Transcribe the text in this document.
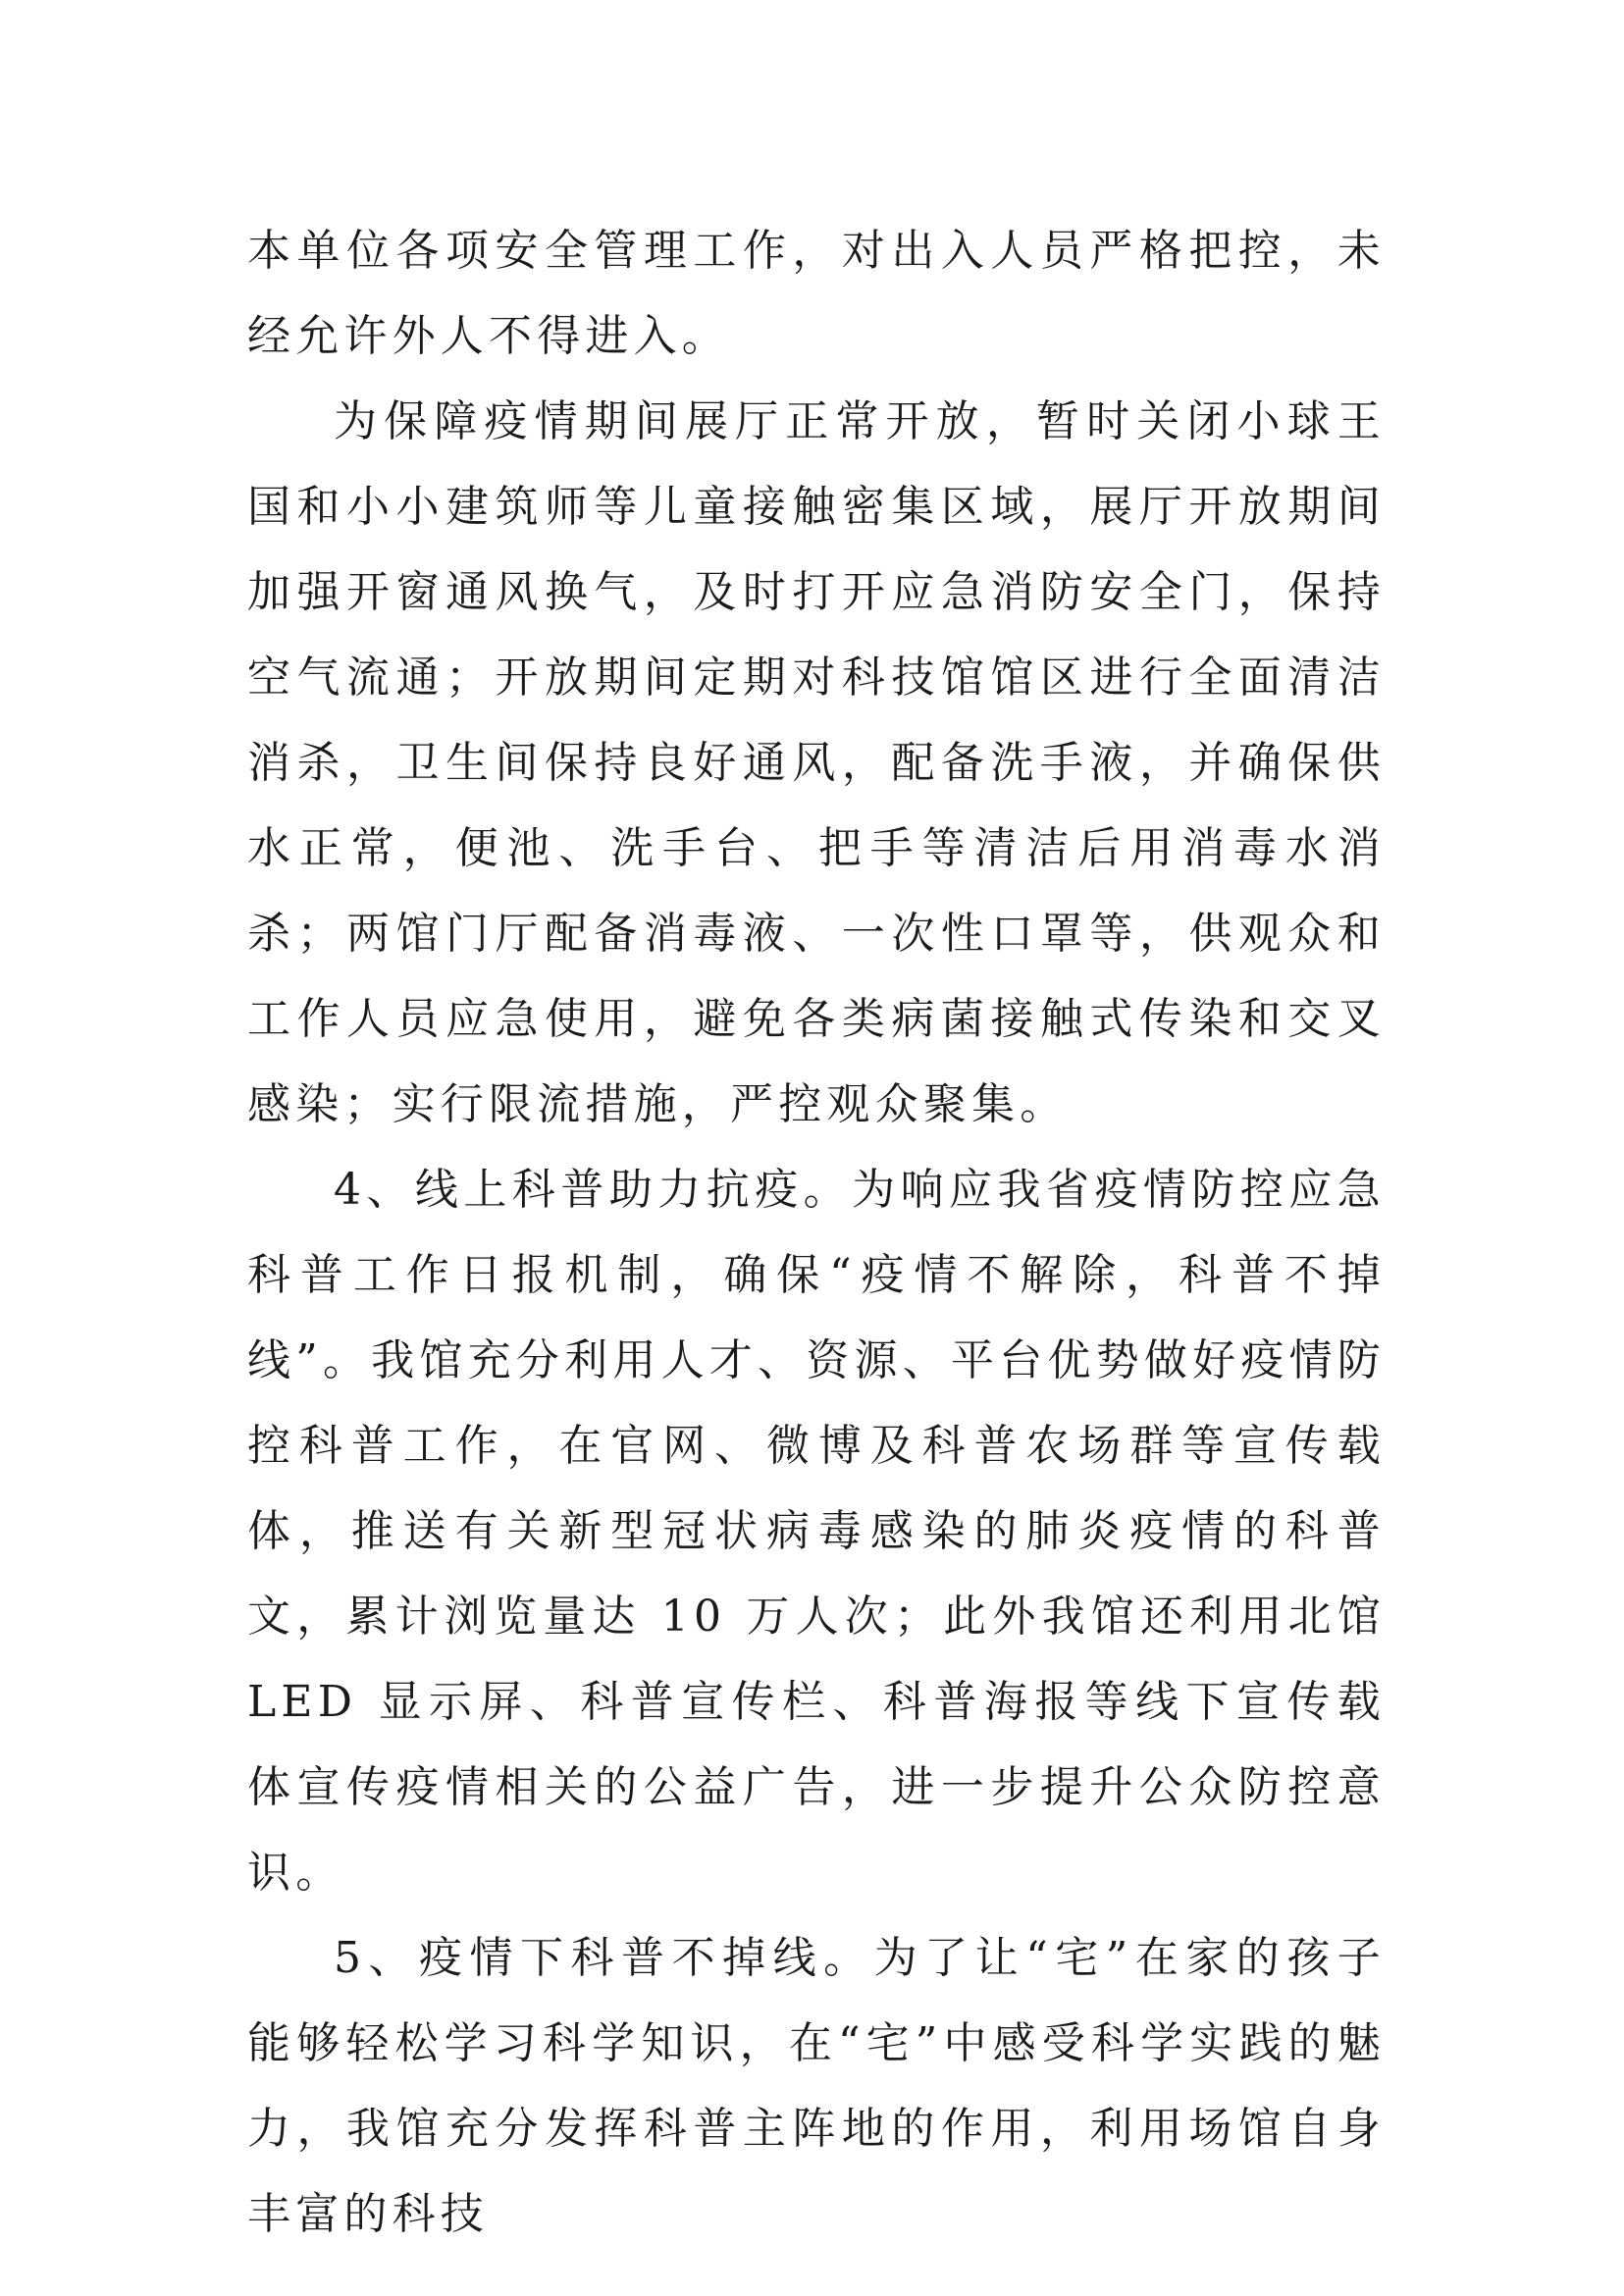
本单位各项安全管理工作，对出入人员严格把控，未经允许外人不得进入。

为保障疫情期间展厅正常开放，暂时关闭小球王国和小小建筑师等儿童接触密集区域，展厅开放期间加强开窗通风换气，及时打开应急消防安全门，保持空气流通；开放期间定期对科技馆馆区进行全面清洁消杀，卫生间保持良好通风，配备洗手液，并确保供水正常，便池、洗手台、把手等清洁后用消毒水消杀；两馆门厅配备消毒液、一次性口罩等，供观众和工作人员应急使用，避免各类病菌接触式传染和交叉感染；实行限流措施，严控观众聚集。

4、线上科普助力抗疫。为响应我省疫情防控应急科普工作日报机制，确保“疫情不解除，科普不掉线”。我馆充分利用人才、资源、平台优势做好疫情防控科普工作，在官网、微博及科普农场群等宣传载体，推送有关新型冠状病毒感染的肺炎疫情的科普文，累计浏览量达 10 万人次；此外我馆还利用北馆 LED 显示屏、科普宣传栏、科普海报等线下宣传载体宣传疫情相关的公益广告，进一步提升公众防控意识。

5、疫情下科普不掉线。为了让“宅”在家的孩子能够轻松学习科学知识，在“宅”中感受科学实践的魅力，我馆充分发挥科普主阵地的作用，利用场馆自身丰富的科技
